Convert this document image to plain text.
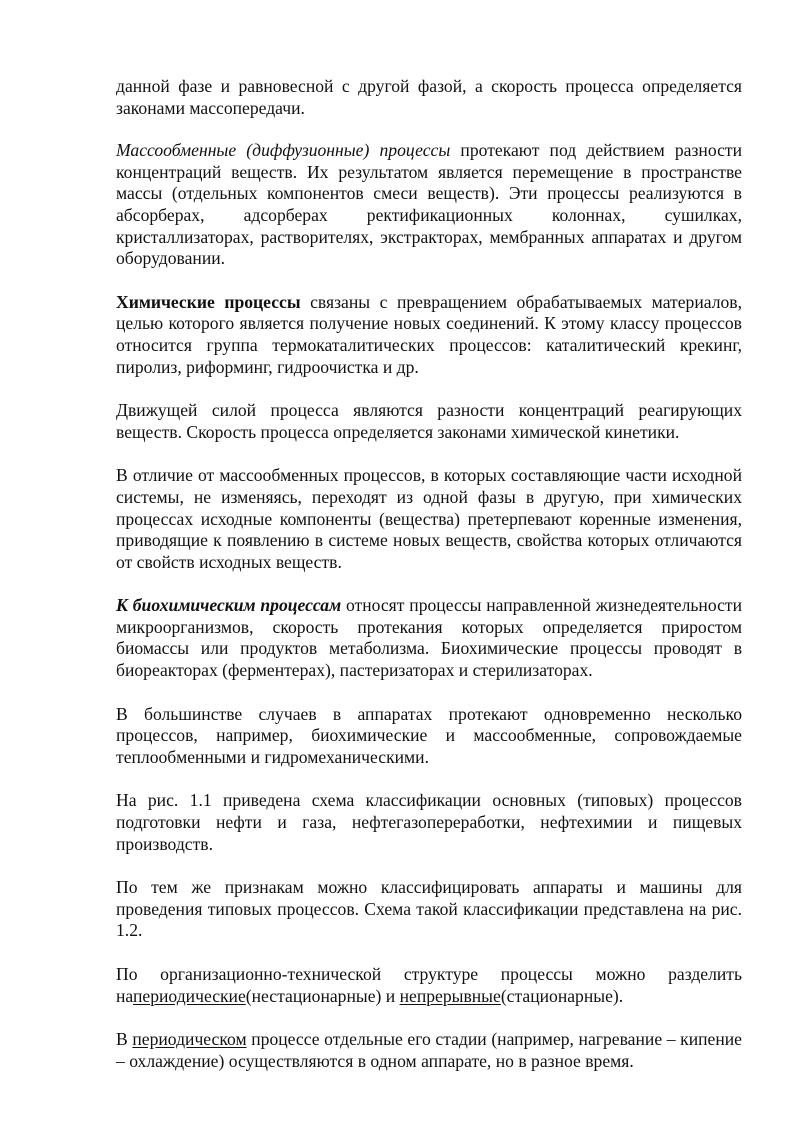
данной фазе и равновесной с другой фазой, а скорость процесса определяется законами массопередачи.

Массообменные (диффузионные) процессы протекают под действием разности концентраций веществ. Их результатом является перемещение в пространстве массы (отдельных компонентов смеси веществ). Эти процессы реализуются в абсорберах, адсорберах ректификационных колоннах, сушилках, кристаллизаторах, растворителях, экстракторах, мембранных аппаратах и другом оборудовании.

Химические процессы связаны с превращением обрабатываемых материалов, целью которого является получение новых соединений. К этому классу процессов относится группа термокаталитических процессов: каталитический крекинг, пиролиз, риформинг, гидроочистка и др.

Движущей силой процесса являются разности концентраций реагирующих веществ. Скорость процесса определяется законами химической кинетики.

В отличие от массообменных процессов, в которых составляющие части исходной системы, не изменяясь, переходят из одной фазы в другую, при химических процессах исходные компоненты (вещества) претерпевают коренные изменения, приводящие к появлению в системе новых веществ, свойства которых отличаются от свойств исходных веществ.

К биохимическим процессам относят процессы направленной жизнедеятельности микроорганизмов, скорость протекания которых определяется приростом биомассы или продуктов метаболизма. Биохимические процессы проводят в биореакторах (ферментерах), пастеризаторах и стерилизаторах.

В большинстве случаев в аппаратах протекают одновременно несколько процессов, например, биохимические и массообменные, сопровождаемые теплообменными и гидромеханическими.

На рис. 1.1 приведена схема классификации основных (типовых) процессов подготовки нефти и газа, нефтегазопереработки, нефтехимии и пищевых производств.

По тем же признакам можно классифицировать аппараты и машины для проведения типовых процессов. Схема такой классификации представлена на рис. 1.2.

По организационно-технической структуре процессы можно разделить напериодические(нестационарные) и непрерывные(стационарные).

В периодическом процессе отдельные его стадии (например, нагревание – кипение – охлаждение) осуществляются в одном аппарате, но в разное время.
